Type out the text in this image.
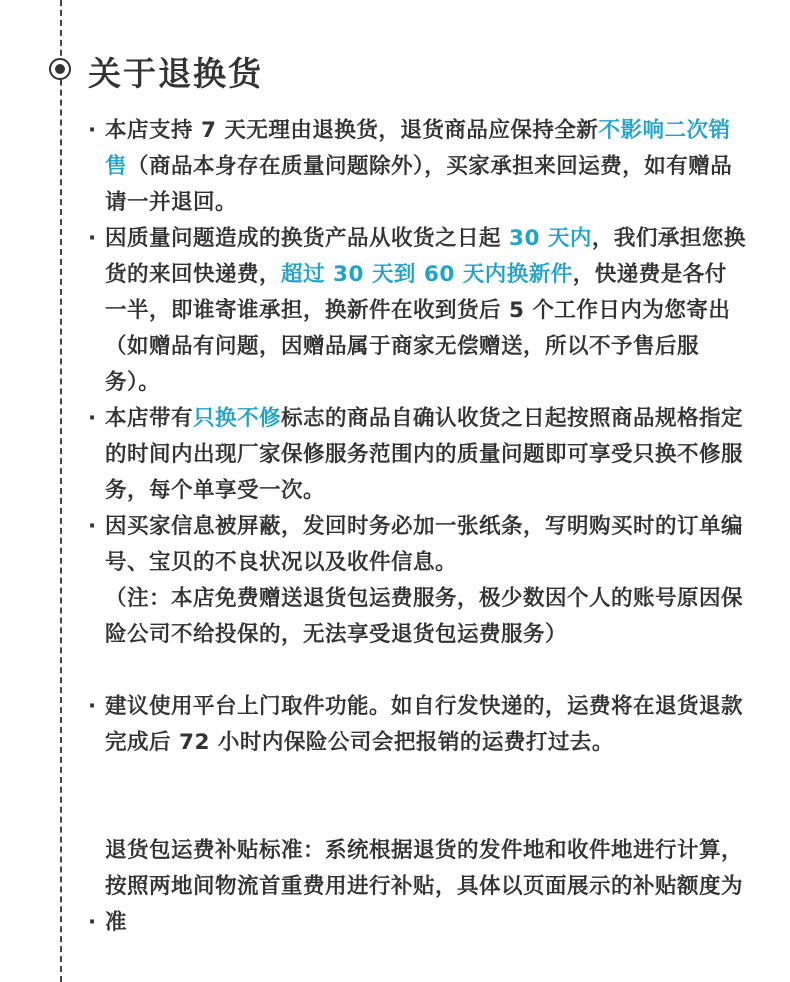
关于退换货

· 本店支持 7 天无理由退换货，退货商品应保持全新不影响二次销售（商品本身存在质量问题除外），买家承担来回运费，如有赠品请一并退回。

· 因质量问题造成的换货产品从收货之日起 30 天内，我们承担您换货的来回快递费，超过 30 天到 60 天内换新件，快递费是各付一半，即谁寄谁承担，换新件在收到货后 5 个工作日内为您寄出（如赠品有问题，因赠品属于商家无偿赠送，所以不予售后服务）。

· 本店带有只换不修标志的商品自确认收货之日起按照商品规格指定的时间内出现厂家保修服务范围内的质量问题即可享受只换不修服务，每个单享受一次。

· 因买家信息被屏蔽，发回时务必加一张纸条，写明购买时的订单编号、宝贝的不良状况以及收件信息。
（注：本店免费赠送退货包运费服务，极少数因个人的账号原因保险公司不给投保的，无法享受退货包运费服务）

· 建议使用平台上门取件功能。如自行发快递的，运费将在退货退款完成后 72 小时内保险公司会把报销的运费打过去。

退货包运费补贴标准：系统根据退货的发件地和收件地进行计算，按照两地间物流首重费用进行补贴，具体以页面展示的补贴额度为准

·
